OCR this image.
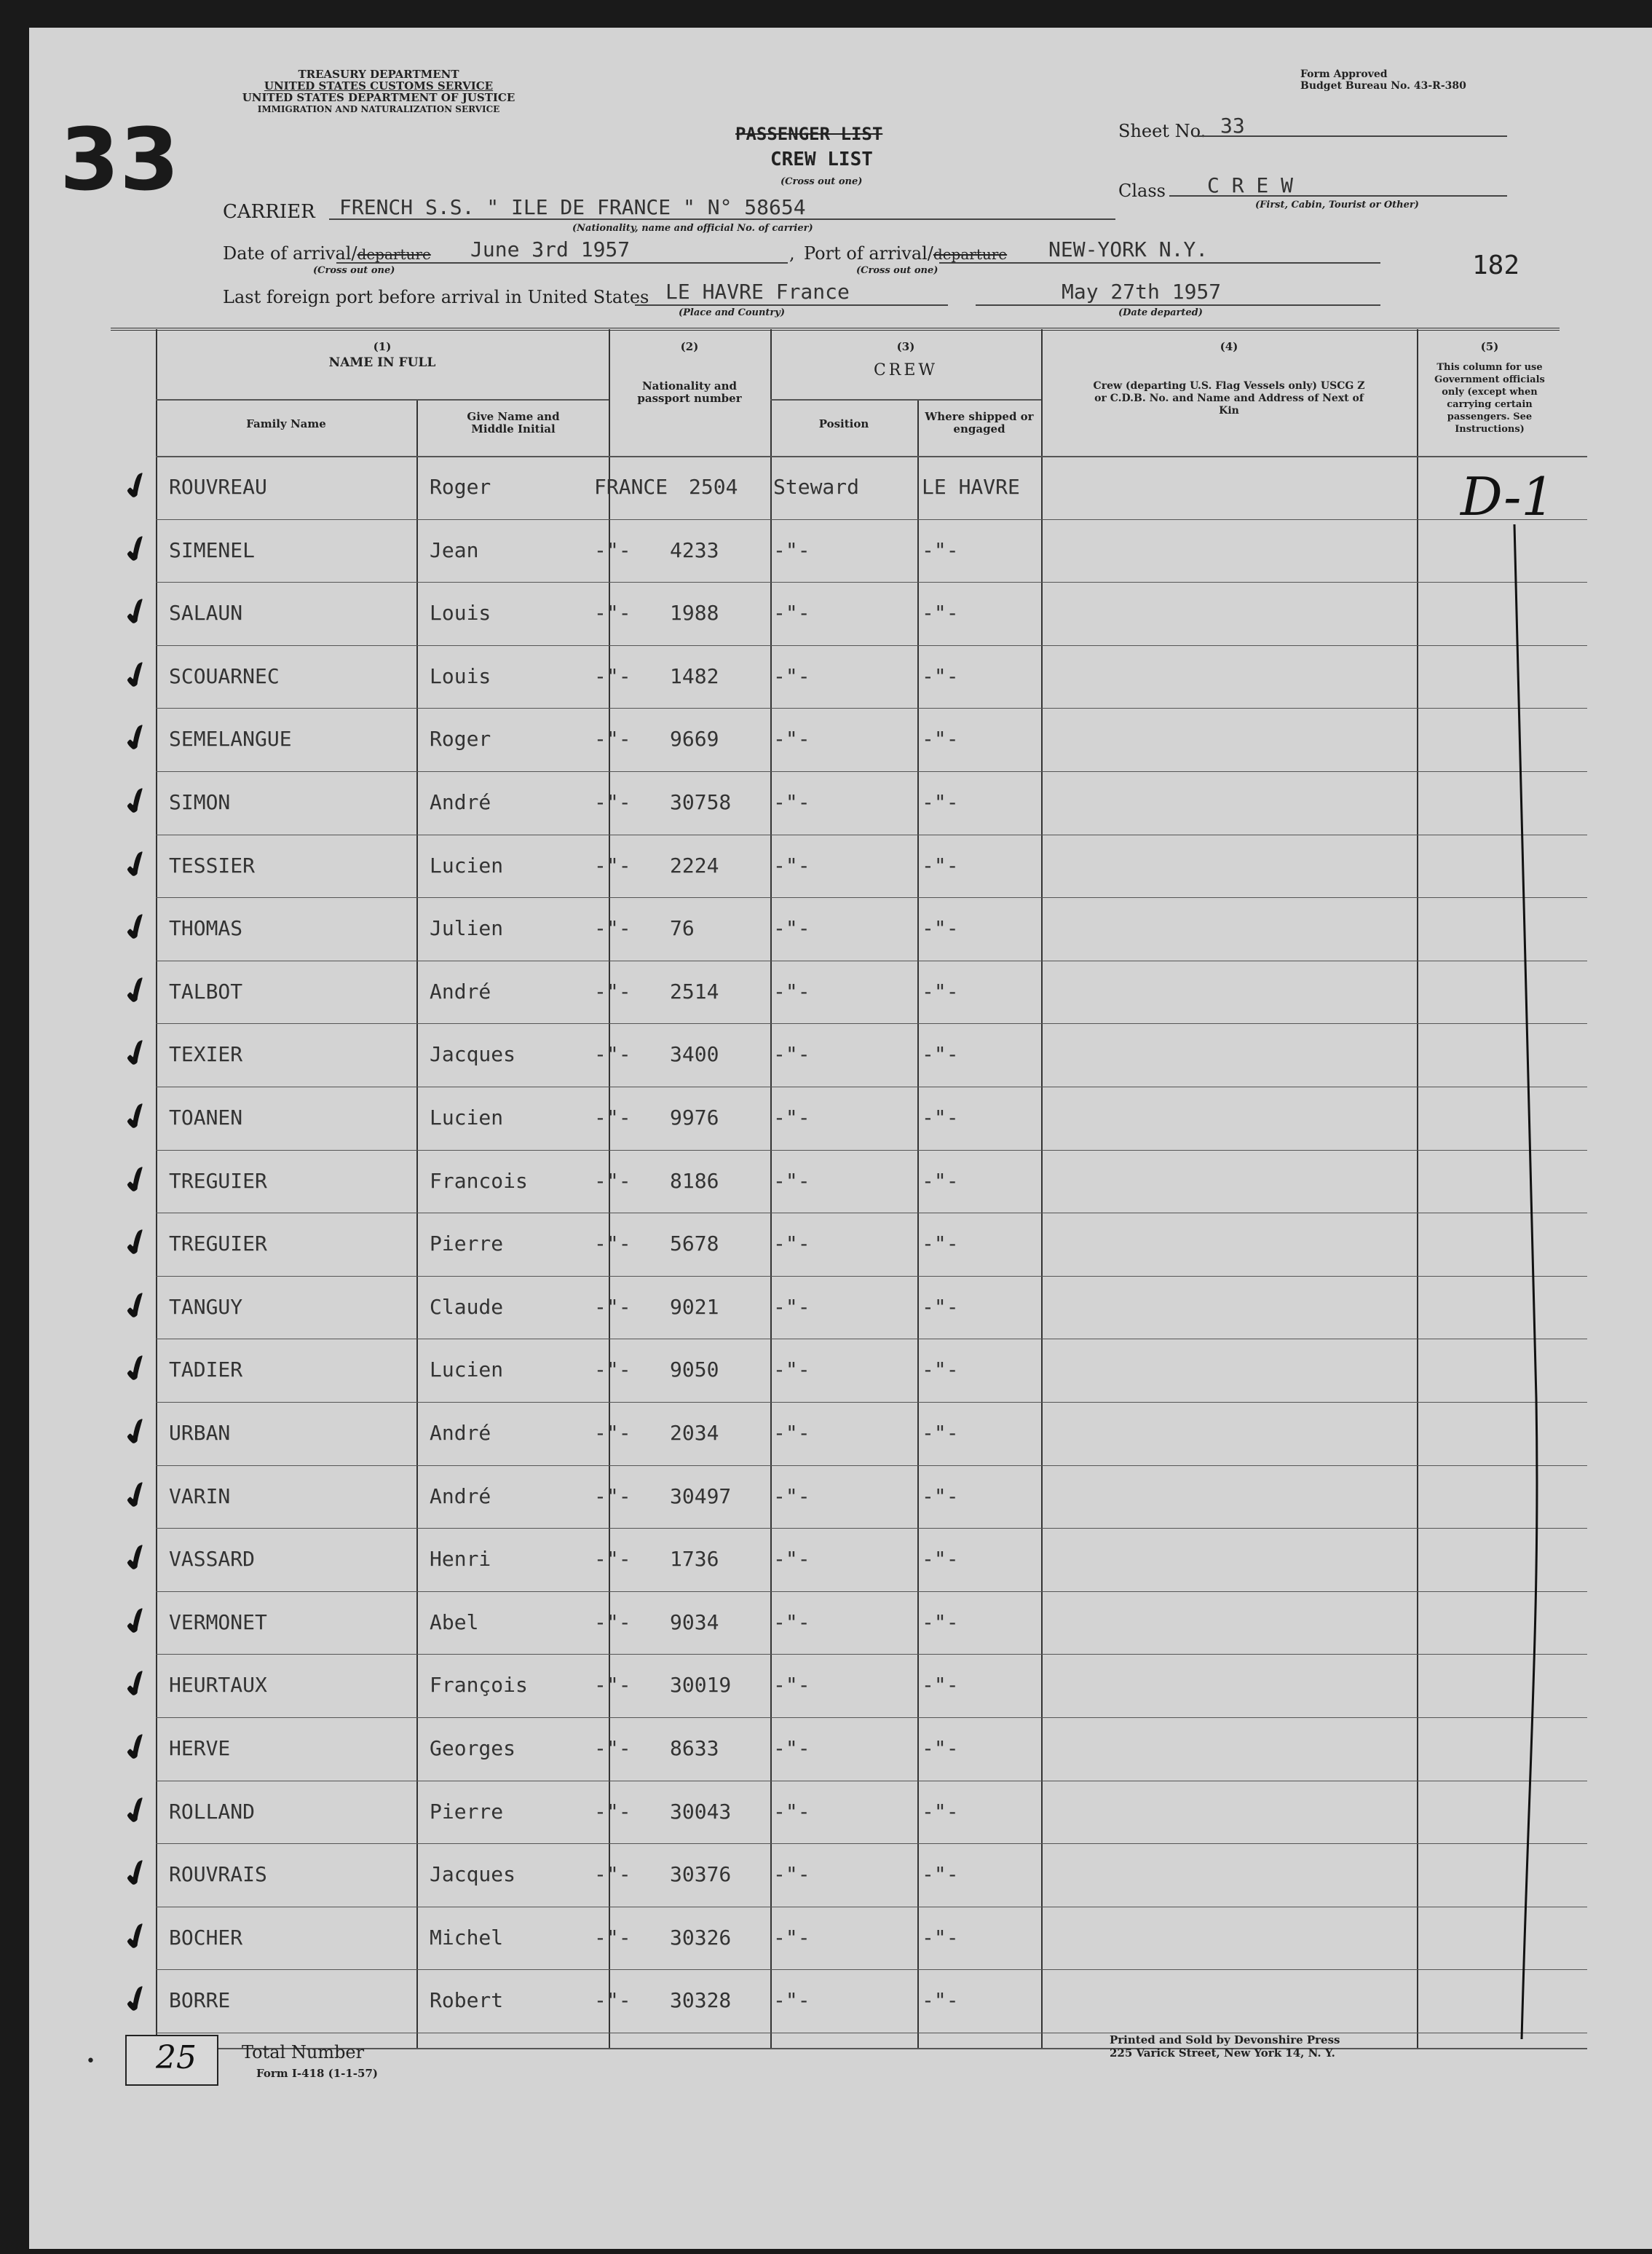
33
TREASURY DEPARTMENT
UNITED STATES CUSTOMS SERVICE
UNITED STATES DEPARTMENT OF JUSTICE
IMMIGRATION AND NATURALIZATION SERVICE
Form Approved
Budget Bureau No. 43-R-380
PASSENGER LIST
CREW LIST
(Cross out one)
Sheet No. 33
Class C R E W
(First, Cabin, Tourist or Other)
CARRIER FRENCH S.S. " ILE DE FRANCE " N° 58654
(Nationality, name and official No. of carrier)
Date of arrival/departure June 3rd 1957
(Cross out one)
, Port of arrival/departure NEW-YORK N.Y.
(Cross out one)	182
Last foreign port before arrival in United States LE HAVRE France
(Place and Country)
May 27th 1957
(Date departed)
(1)
NAME IN FULL
Family Name
Give Name and Middle Initial
(2)
Nationality and passport number
(3)
CREW
Position
Where shipped or engaged
(4)
Crew (departing U.S. Flag Vessels only) USCG Z or C.D.B. No. and Name and Address of Next of Kin
(5)
This column for use Government officials only (except when carrying certain passengers. See Instructions)
✔ ROUVREAU	Roger	FRANCE 2504 Steward	LE HAVRE
✔ SIMENEL	Jean	-"- 4233	-"-	-"-
✔ SALAUN	Louis	-"- 1988	-"-	-"-
✔ SCOUARNEC	Louis	-"- 1482	-"-	-"-
✔ SEMELANGUE	Roger	-"- 9669	-"-	-"-
✔ SIMON	André	-"- 30758 -"-	-"-
✔ TESSIER	Lucien	-"- 2224	-"-	-"-
✔ THOMAS	Julien	-"- 76	-"-	-"-
✔ TALBOT	André	-"- 2514	-"-	-"-
✔ TEXIER	Jacques	-"- 3400	-"-	-"-
✔ TOANEN	Lucien	-"- 9976	-"-	-"-
✔ TREGUIER	Francois	-"- 8186	-"-	-"-
✔ TREGUIER	Pierre	-"- 5678	-"-	-"-
✔ TANGUY	Claude	-"- 9021	-"-	-"-
✔ TADIER	Lucien	-"- 9050	-"-	-"-
✔ URBAN	André	-"- 2034	-"-	-"-
✔ VARIN	André	-"- 30497 -"-	-"-
✔ VASSARD	Henri	-"- 1736	-"-	-"-
✔ VERMONET	Abel	-"- 9034	-"-	-"-
✔ HEURTAUX	François	-"- 30019 -"-	-"-
✔ HERVE	Georges	-"- 8633	-"-	-"-
✔ ROLLAND	Pierre	-"- 30043 -"-	-"-
✔ ROUVRAIS	Jacques	-"- 30376 -"-	-"-
✔ BOCHER	Michel	-"- 30326 -"-	-"-
✔ BORRE	Robert	-"- 30328 -"-	-"-
D-1
25	Total Number
Form I-418 (1-1-57)
•
Printed and Sold by Devonshire Press
225 Varick Street, New York 14, N. Y.
